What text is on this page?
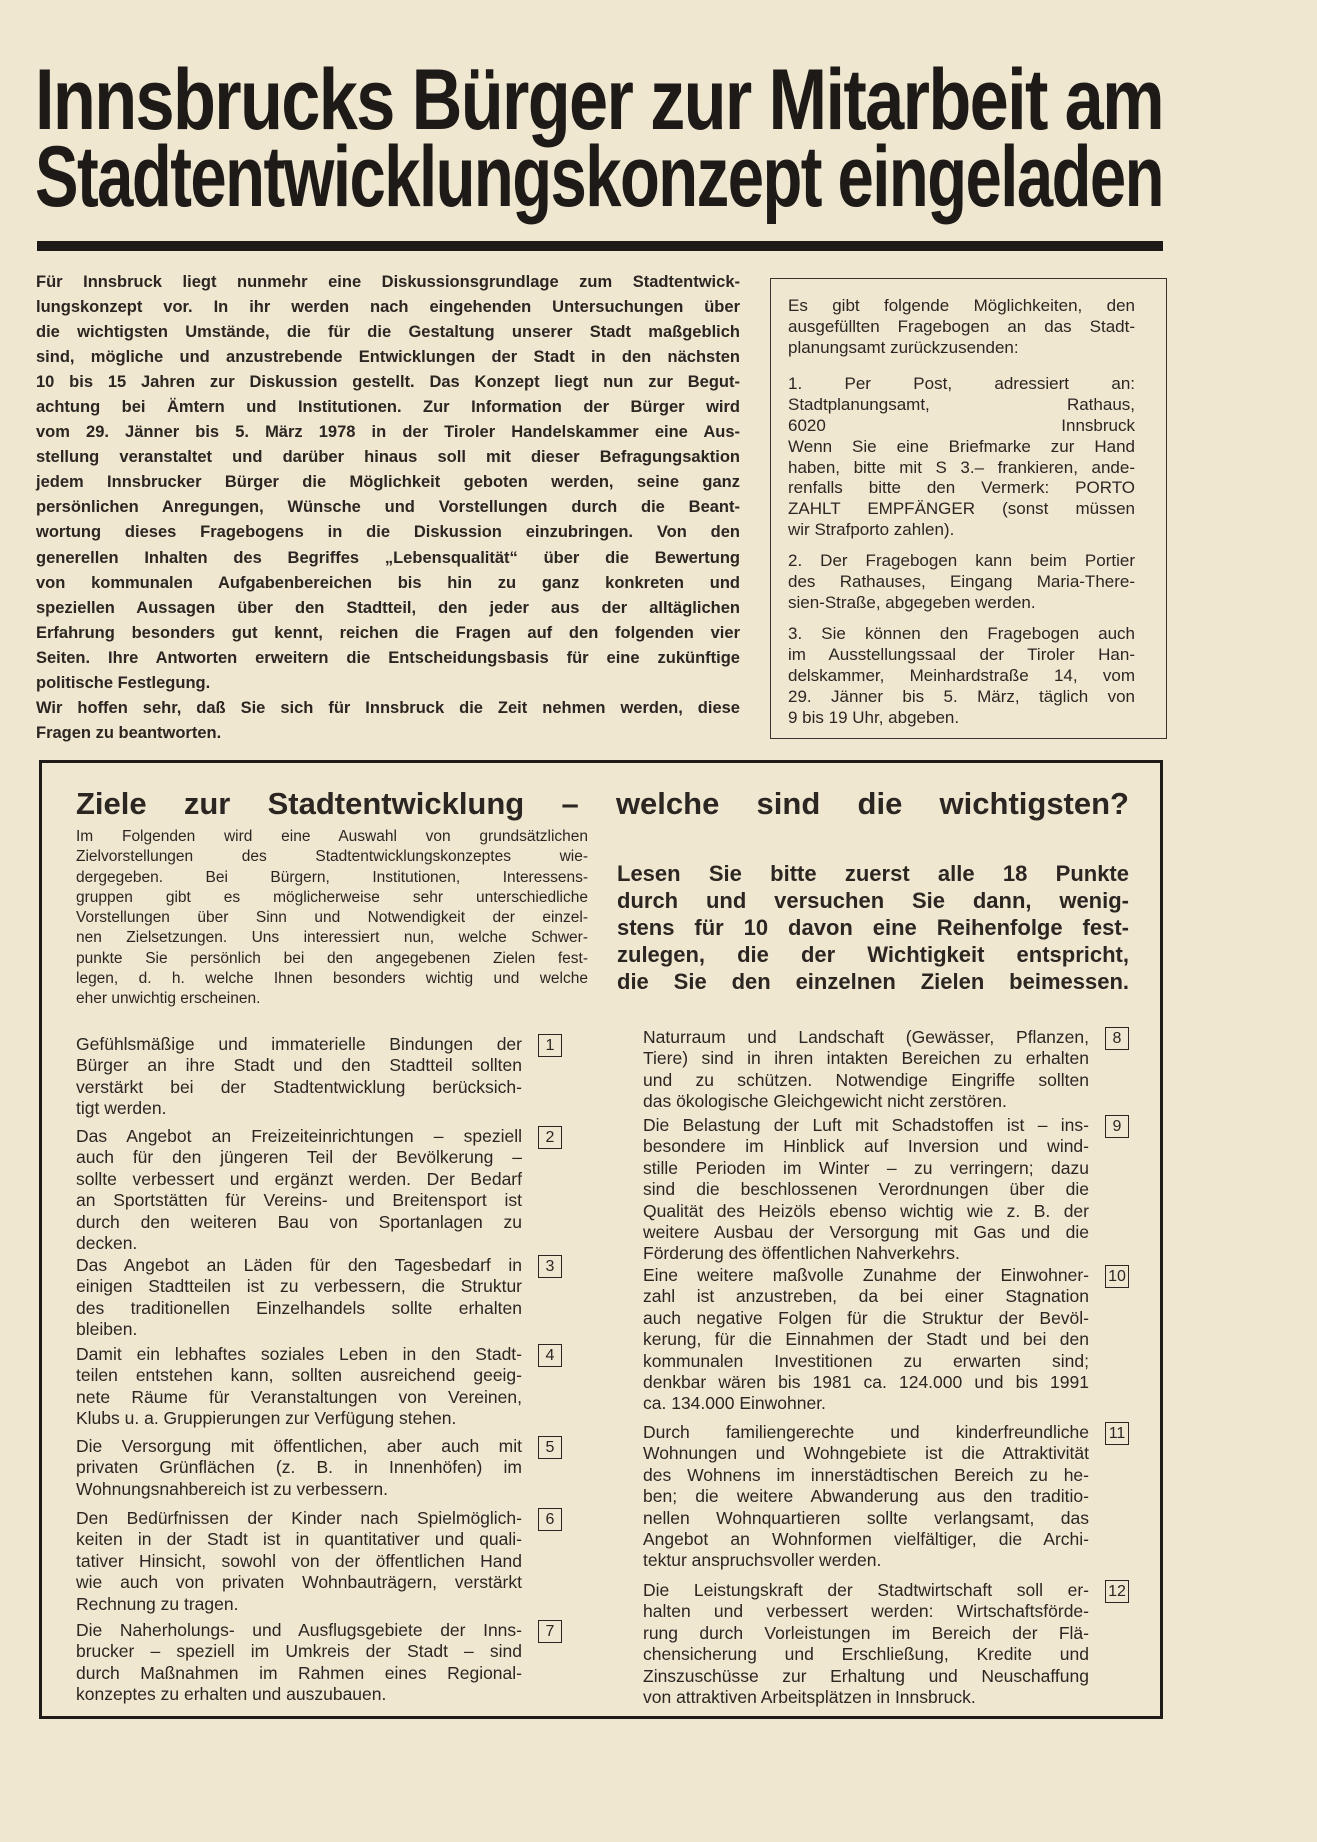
Innsbrucks Bürger zur Mitarbeit am
Stadtentwicklungskonzept eingeladen
Für Innsbruck liegt nunmehr eine Diskussionsgrundlage zum Stadtentwick-
lungskonzept vor. In ihr werden nach eingehenden Untersuchungen über
die wichtigsten Umstände, die für die Gestaltung unserer Stadt maßgeblich
sind, mögliche und anzustrebende Entwicklungen der Stadt in den nächsten
10 bis 15 Jahren zur Diskussion gestellt. Das Konzept liegt nun zur Begut-
achtung bei Ämtern und Institutionen. Zur Information der Bürger wird
vom 29. Jänner bis 5. März 1978 in der Tiroler Handelskammer eine Aus-
stellung veranstaltet und darüber hinaus soll mit dieser Befragungsaktion
jedem Innsbrucker Bürger die Möglichkeit geboten werden, seine ganz
persönlichen Anregungen, Wünsche und Vorstellungen durch die Beant-
wortung dieses Fragebogens in die Diskussion einzubringen. Von den
generellen Inhalten des Begriffes „Lebensqualität“ über die Bewertung
von kommunalen Aufgabenbereichen bis hin zu ganz konkreten und
speziellen Aussagen über den Stadtteil, den jeder aus der alltäglichen
Erfahrung besonders gut kennt, reichen die Fragen auf den folgenden vier
Seiten. Ihre Antworten erweitern die Entscheidungsbasis für eine zukünftige
politische Festlegung.
Wir hoffen sehr, daß Sie sich für Innsbruck die Zeit nehmen werden, diese
Fragen zu beantworten.
Es gibt folgende Möglichkeiten, den
ausgefüllten Fragebogen an das Stadt-
planungsamt zurückzusenden:
1. Per Post, adressiert an:
Stadtplanungsamt, Rathaus,
6020 Innsbruck
Wenn Sie eine Briefmarke zur Hand
haben, bitte mit S 3.– frankieren, ande-
renfalls bitte den Vermerk: PORTO
ZAHLT EMPFÄNGER (sonst müssen
wir Strafporto zahlen).
2. Der Fragebogen kann beim Portier
des Rathauses, Eingang Maria-There-
sien-Straße, abgegeben werden.
3. Sie können den Fragebogen auch
im Ausstellungssaal der Tiroler Han-
delskammer, Meinhardstraße 14, vom
29. Jänner bis 5. März, täglich von
9 bis 19 Uhr, abgeben.
Ziele zur Stadtentwicklung – welche sind die wichtigsten?
Im Folgenden wird eine Auswahl von grundsätzlichen
Zielvorstellungen des Stadtentwicklungskonzeptes wie-
dergegeben. Bei Bürgern, Institutionen, Interessens-
gruppen gibt es möglicherweise sehr unterschiedliche
Vorstellungen über Sinn und Notwendigkeit der einzel-
nen Zielsetzungen. Uns interessiert nun, welche Schwer-
punkte Sie persönlich bei den angegebenen Zielen fest-
legen, d. h. welche Ihnen besonders wichtig und welche
eher unwichtig erscheinen.
Lesen Sie bitte zuerst alle 18 Punkte
durch und versuchen Sie dann, wenig-
stens für 10 davon eine Reihenfolge fest-
zulegen, die der Wichtigkeit entspricht,
die Sie den einzelnen Zielen beimessen.
Gefühlsmäßige und immaterielle Bindungen der
Bürger an ihre Stadt und den Stadtteil sollten
verstärkt bei der Stadtentwicklung berücksich-
tigt werden.
1
Das Angebot an Freizeiteinrichtungen – speziell
auch für den jüngeren Teil der Bevölkerung –
sollte verbessert und ergänzt werden. Der Bedarf
an Sportstätten für Vereins- und Breitensport ist
durch den weiteren Bau von Sportanlagen zu
decken.
2
Das Angebot an Läden für den Tagesbedarf in
einigen Stadtteilen ist zu verbessern, die Struktur
des traditionellen Einzelhandels sollte erhalten
bleiben.
3
Damit ein lebhaftes soziales Leben in den Stadt-
teilen entstehen kann, sollten ausreichend geeig-
nete Räume für Veranstaltungen von Vereinen,
Klubs u. a. Gruppierungen zur Verfügung stehen.
4
Die Versorgung mit öffentlichen, aber auch mit
privaten Grünflächen (z. B. in Innenhöfen) im
Wohnungsnahbereich ist zu verbessern.
5
Den Bedürfnissen der Kinder nach Spielmöglich-
keiten in der Stadt ist in quantitativer und quali-
tativer Hinsicht, sowohl von der öffentlichen Hand
wie auch von privaten Wohnbauträgern, verstärkt
Rechnung zu tragen.
6
Die Naherholungs- und Ausflugsgebiete der Inns-
brucker – speziell im Umkreis der Stadt – sind
durch Maßnahmen im Rahmen eines Regional-
konzeptes zu erhalten und auszubauen.
7
Naturraum und Landschaft (Gewässer, Pflanzen,
Tiere) sind in ihren intakten Bereichen zu erhalten
und zu schützen. Notwendige Eingriffe sollten
das ökologische Gleichgewicht nicht zerstören.
8
Die Belastung der Luft mit Schadstoffen ist – ins-
besondere im Hinblick auf Inversion und wind-
stille Perioden im Winter – zu verringern; dazu
sind die beschlossenen Verordnungen über die
Qualität des Heizöls ebenso wichtig wie z. B. der
weitere Ausbau der Versorgung mit Gas und die
Förderung des öffentlichen Nahverkehrs.
9
Eine weitere maßvolle Zunahme der Einwohner-
zahl ist anzustreben, da bei einer Stagnation
auch negative Folgen für die Struktur der Bevöl-
kerung, für die Einnahmen der Stadt und bei den
kommunalen Investitionen zu erwarten sind;
denkbar wären bis 1981 ca. 124.000 und bis 1991
ca. 134.000 Einwohner.
10
Durch familiengerechte und kinderfreundliche
Wohnungen und Wohngebiete ist die Attraktivität
des Wohnens im innerstädtischen Bereich zu he-
ben; die weitere Abwanderung aus den traditio-
nellen Wohnquartieren sollte verlangsamt, das
Angebot an Wohnformen vielfältiger, die Archi-
tektur anspruchsvoller werden.
11
Die Leistungskraft der Stadtwirtschaft soll er-
halten und verbessert werden: Wirtschaftsförde-
rung durch Vorleistungen im Bereich der Flä-
chensicherung und Erschließung, Kredite und
Zinszuschüsse zur Erhaltung und Neuschaffung
von attraktiven Arbeitsplätzen in Innsbruck.
12
